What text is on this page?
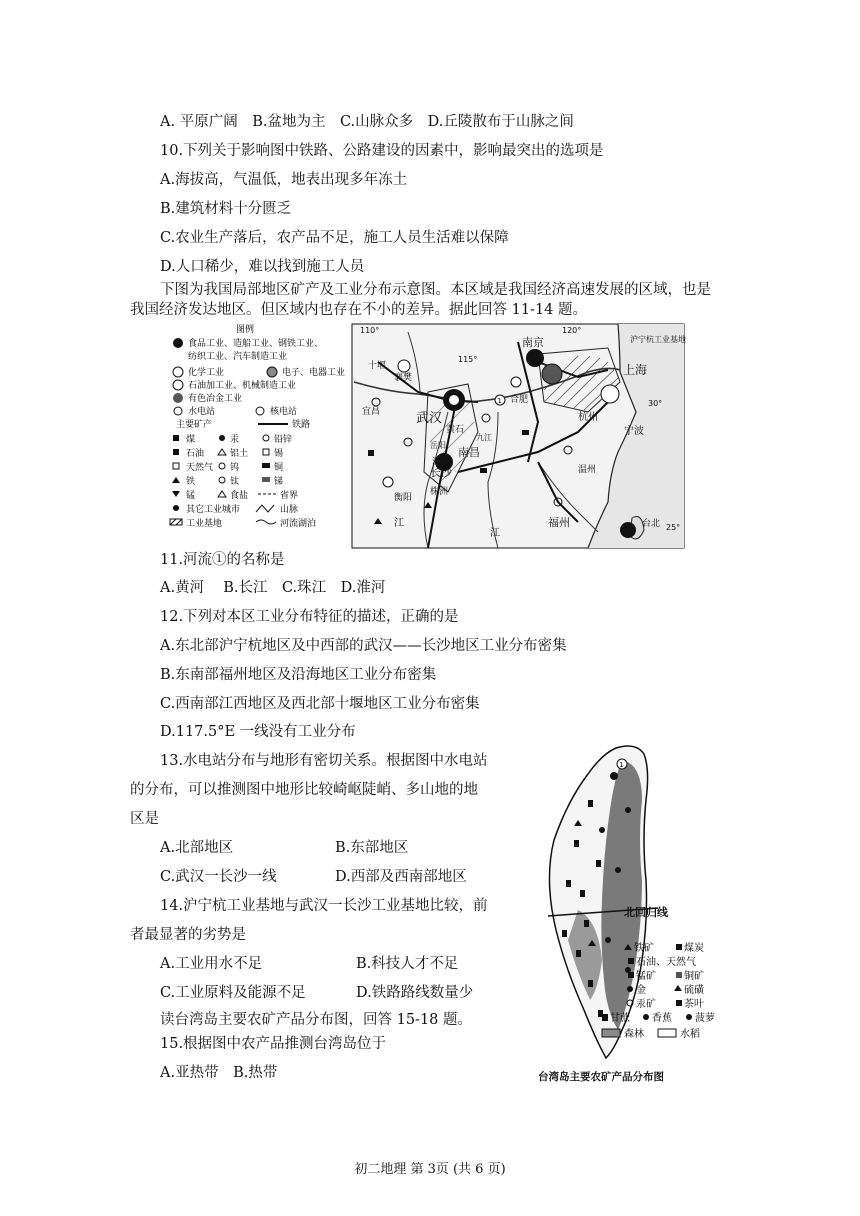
A. 平原广阔　B.盆地为主　C.山脉众多　D.丘陵散布于山脉之间
10.下列关于影响图中铁路、公路建设的因素中，影响最突出的选项是
A.海拔高，气温低，地表出现多年冻土
B.建筑材料十分匮乏
C.农业生产落后，农产品不足，施工人员生活难以保障
D.人口稀少，难以找到施工人员
下图为我国局部地区矿产及工业分布示意图。本区域是我国经济高速发展的区域，也是
我国经济发达地区。但区域内也存在不小的差异。据此回答 11-14 题。
图例
食品工业、造船工业、钢铁工业、
纺织工业、汽车制造工业
化学工业	电子、电器工业
石油加工业、机械制造工业
有色冶金工业
水电站	核电站
主要矿产	铁路
煤	汞	铅锌
石油	铝土	锡
天然气 钨	铜
铁	钛	锑
锰	食盐	省界
其它工业城市	山脉
工业基地	河流湖泊
110°
115°
120°
30°
25°
南京
上海
合肥
武汉	杭州
宁波
十堰
襄樊
宜昌
黄石
九江
岳阳
南昌
长沙
株洲
衡阳
温州
福州	台北
沪宁杭工业基地
湘
江
江
1
11.河流①的名称是
A.黄河　 B.长江　C.珠江　D.淮河
12.下列对本区工业分布特征的描述，正确的是
A.东北部沪宁杭地区及中西部的武汉——长沙地区工业分布密集
B.东南部福州地区及沿海地区工业分布密集
C.西南部江西地区及西北部十堰地区工业分布密集
D.117.5°E 一线没有工业分布
13.水电站分布与地形有密切关系。根据图中水电站
的分布，可以推测图中地形比较崎岖陡峭、多山地的地
区是
A.北部地区	B.东部地区
C.武汉一长沙一线	D.西部及西南部地区
14.沪宁杭工业基地与武汉一长沙工业基地比较，前
者最显著的劣势是
A.工业用水不足	B.科技人才不足
C.工业原料及能源不足	D.铁路路线数量少
读台湾岛主要农矿产品分布图，回答 15-18 题。
15.根据图中农产品推测台湾岛位于
A.亚热带　B.热带
北回归线
1
铁矿	煤炭
石油、天然气
锰矿	铜矿
金	硫磺
汞矿	茶叶
甘蔗 香蕉 菠萝
森林	水稻
台湾岛主要农矿产品分布图
初二地理 第 3页 (共 6 页)
